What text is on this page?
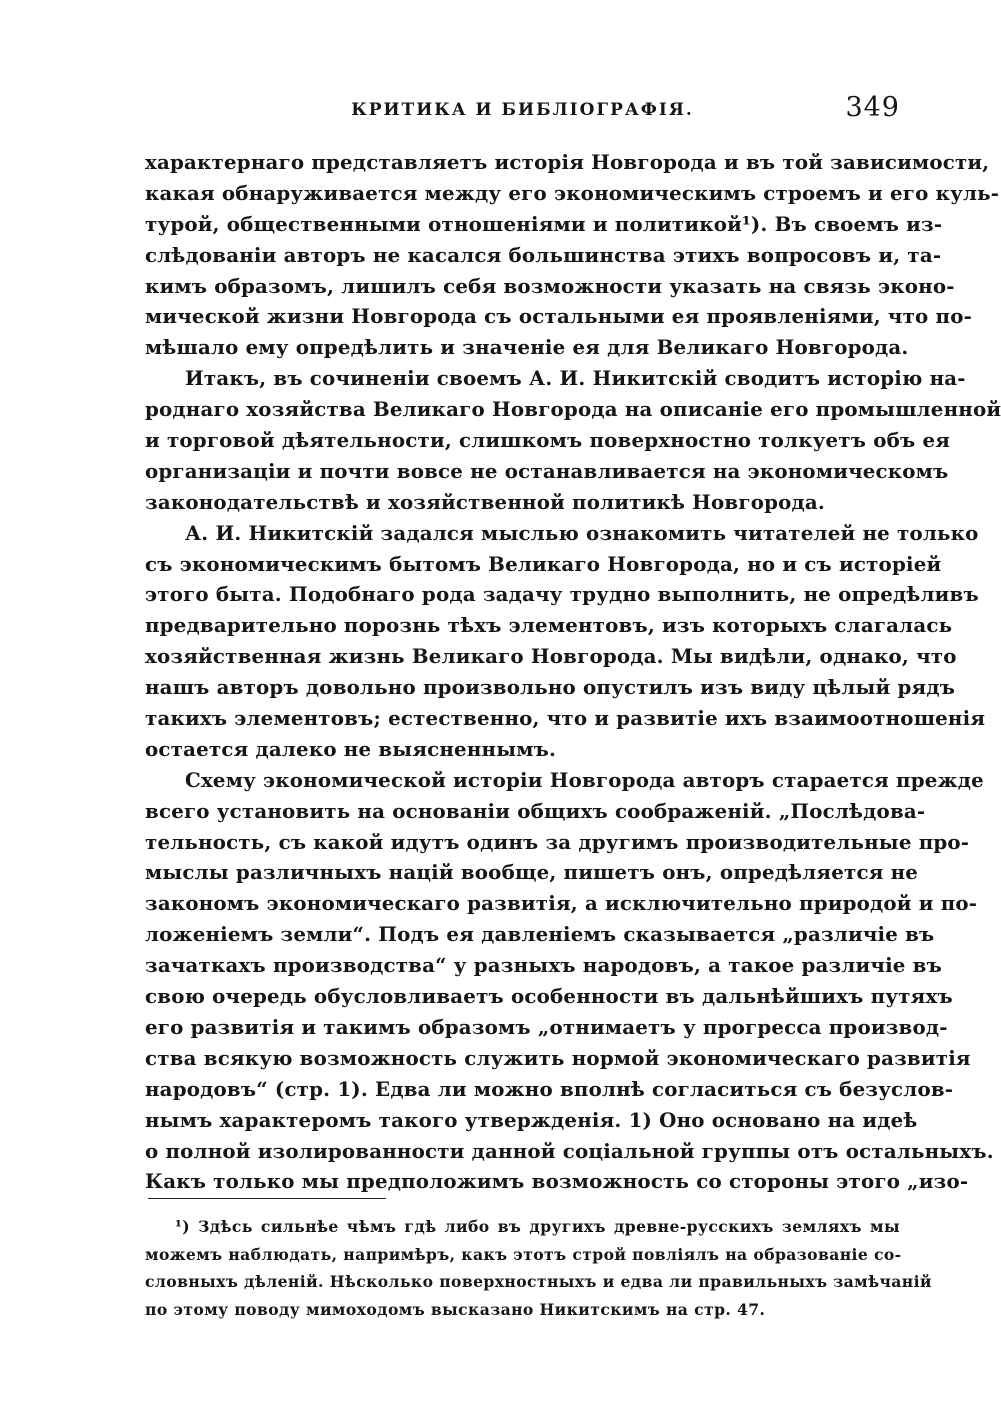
КРИТИКА И БИБЛІОГРАФІЯ.	349
характернаго представляетъ исторія Новгорода и въ той зависимости,
какая обнаруживается между его экономическимъ строемъ и его куль-
турой, общественными отношеніями и политикой¹). Въ своемъ из-
слѣдованіи авторъ не касался большинства этихъ вопросовъ и, та-
кимъ образомъ, лишилъ себя возможности указать на связь эконо-
мической жизни Новгорода съ остальными ея проявленіями, что по-
мѣшало ему опредѣлить и значеніе ея для Великаго Новгорода.
Итакъ, въ сочиненіи своемъ А. И. Никитскій сводитъ исторію на-
роднаго хозяйства Великаго Новгорода на описаніе его промышленной
и торговой дѣятельности, слишкомъ поверхностно толкуетъ объ ея
организаціи и почти вовсе не останавливается на экономическомъ
законодательствѣ и хозяйственной политикѣ Новгорода.
А. И. Никитскій задался мыслью ознакомить читателей не только
съ экономическимъ бытомъ Великаго Новгорода, но и съ исторіей
этого быта. Подобнаго рода задачу трудно выполнить, не опредѣливъ
предварительно порознь тѣхъ элементовъ, изъ которыхъ слагалась
хозяйственная жизнь Великаго Новгорода. Мы видѣли, однако, что
нашъ авторъ довольно произвольно опустилъ изъ виду цѣлый рядъ
такихъ элементовъ; естественно, что и развитіе ихъ взаимоотношенія
остается далеко не выясненнымъ.
Схему экономической исторіи Новгорода авторъ старается прежде
всего установить на основаніи общихъ соображеній. „Послѣдова-
тельность, съ какой идутъ одинъ за другимъ производительные про-
мыслы различныхъ націй вообще, пишетъ онъ, опредѣляется не
закономъ экономическаго развитія, а исключительно природой и по-
ложеніемъ земли“. Подъ ея давленіемъ сказывается „различіе въ
зачаткахъ производства“ у разныхъ народовъ, а такое различіе въ
свою очередь обусловливаетъ особенности въ дальнѣйшихъ путяхъ
его развитія и такимъ образомъ „отнимаетъ у прогресса производ-
ства всякую возможность служить нормой экономическаго развитія
народовъ“ (стр. 1). Едва ли можно вполнѣ согласиться съ безуслов-
нымъ характеромъ такого утвержденія. 1) Оно основано на идеѣ
о полной изолированности данной соціальной группы отъ остальныхъ.
Какъ только мы предположимъ возможность со стороны этого „изо-
¹) Здѣсь сильнѣе чѣмъ гдѣ либо въ другихъ древне-русскихъ земляхъ мы
можемъ наблюдать, напримѣръ, какъ этотъ строй повліялъ на образованіе со-
словныхъ дѣленій. Нѣсколько поверхностныхъ и едва ли правильныхъ замѣчаній
по этому поводу мимоходомъ высказано Никитскимъ на стр. 47.
